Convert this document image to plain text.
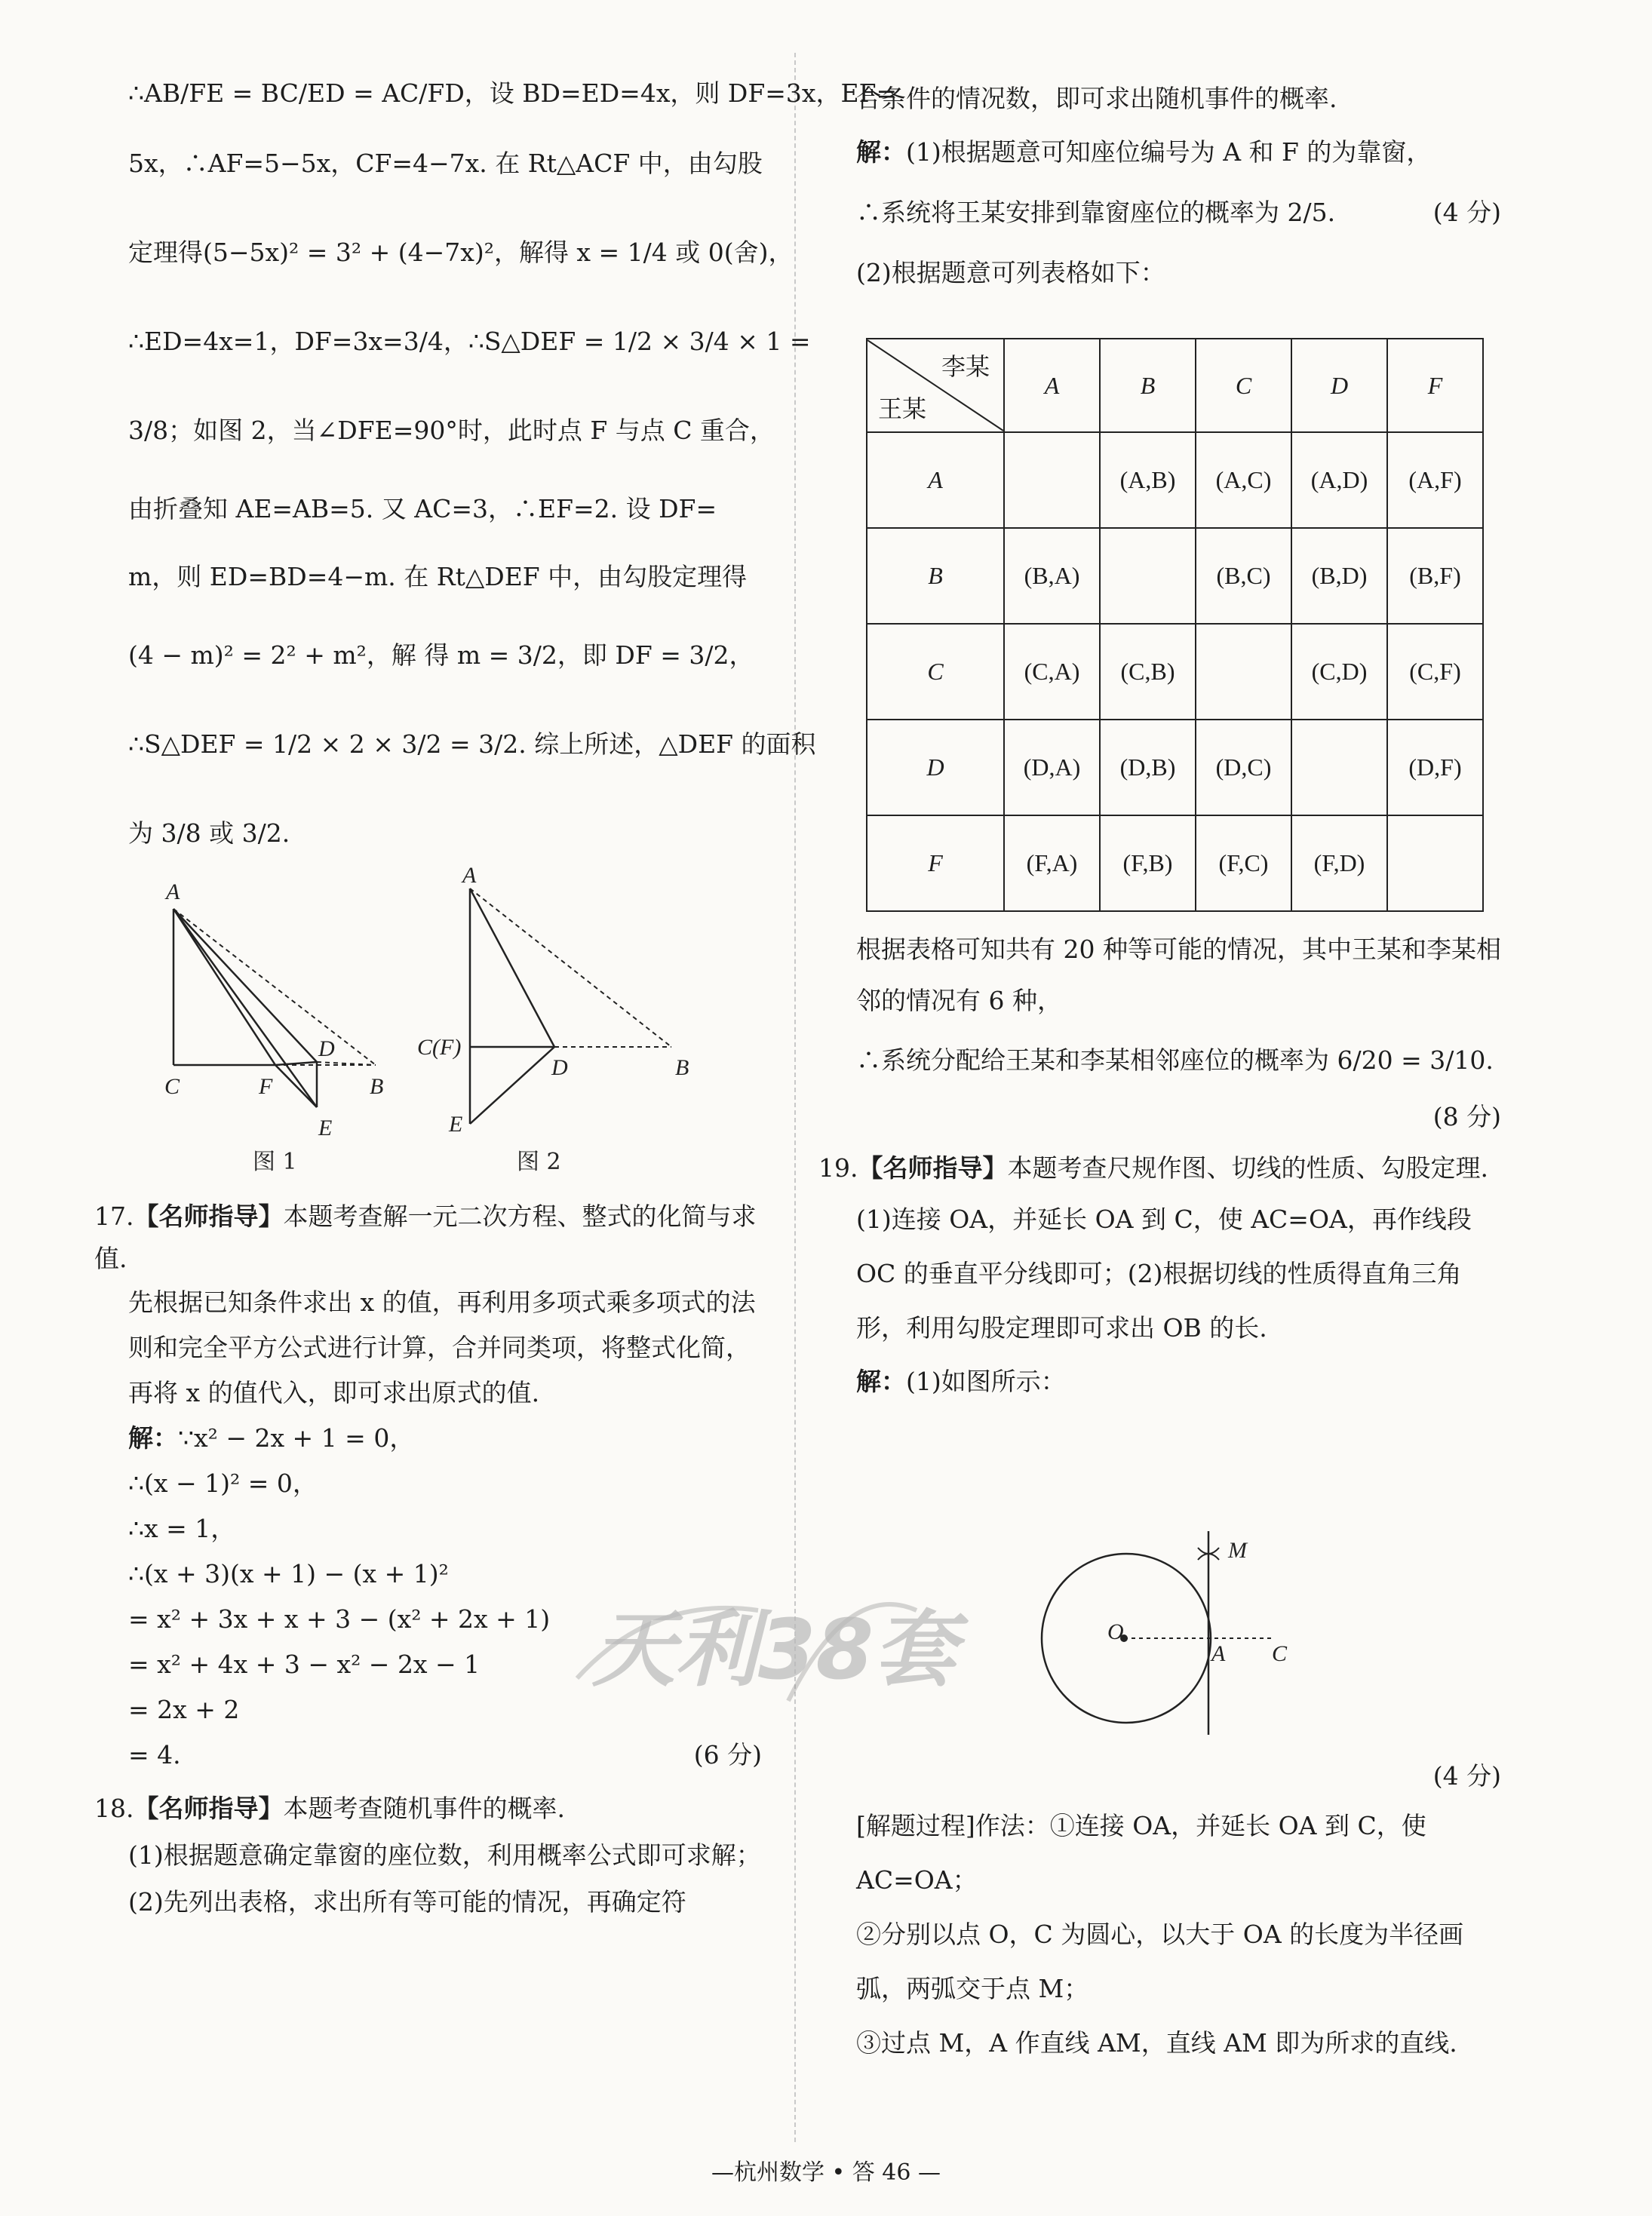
∴AB/FE = BC/ED = AC/FD，设 BD=ED=4x，则 DF=3x，EF=
5x，∴AF=5−5x，CF=4−7x. 在 Rt△ACF 中，由勾股
定理得(5−5x)² = 3² + (4−7x)²，解得 x = 1/4 或 0(舍)，
∴ED=4x=1，DF=3x=3/4，∴S△DEF = 1/2 × 3/4 × 1 =
3/8；如图 2，当∠DFE=90°时，此时点 F 与点 C 重合，
由折叠知 AE=AB=5. 又 AC=3，∴EF=2. 设 DF=
m，则 ED=BD=4−m. 在 Rt△DEF 中，由勾股定理得
(4 − m)² = 2² + m²，解 得 m = 3/2，即 DF = 3/2，
∴S△DEF = 1/2 × 2 × 3/2 = 3/2. 综上所述，△DEF 的面积
为 3/8 或 3/2.
A
C	F
D
B
E
图 1
A
C(F)
D	B
E
图 2

17.【名师指导】本题考查解一元二次方程、整式的化简与求值.

先根据已知条件求出 x 的值，再利用多项式乘多项式的法则和完全平方公式进行计算，合并同类项，将整式化简，再将 x 的值代入，即可求出原式的值.

解：∵x² − 2x + 1 = 0，

∴(x − 1)² = 0，
∴x = 1，
∴(x + 3)(x + 1) − (x + 1)²
= x² + 3x + x + 3 − (x² + 2x + 1)
= x² + 4x + 3 − x² − 2x − 1
= 2x + 2
= 4.	(6 分)

18.【名师指导】本题考查随机事件的概率.

(1)根据题意确定靠窗的座位数，利用概率公式即可求解；(2)先列出表格，求出所有等可能的情况，再确定符

合条件的情况数，即可求出随机事件的概率.

解：(1)根据题意可知座位编号为 A 和 F 的为靠窗，

∴系统将王某安排到靠窗座位的概率为 2/5.	(4 分)

(2)根据题意可列表格如下：

李某
王某	A	B	C	D	F
A		(A,B)	(A,C)	(A,D)	(A,F)
B	(B,A)		(B,C)	(B,D)	(B,F)
C	(C,A)	(C,B)		(C,D)	(C,F)
D	(D,A)	(D,B)	(D,C)		(D,F)
F	(F,A)	(F,B)	(F,C)	(F,D)	

根据表格可知共有 20 种等可能的情况，其中王某和李某相邻的情况有 6 种，

∴系统分配给王某和李某相邻座位的概率为 6/20 = 3/10.

(8 分)

19.【名师指导】本题考查尺规作图、切线的性质、勾股定理.

(1)连接 OA，并延长 OA 到 C，使 AC=OA，再作线段 OC 的垂直平分线即可；(2)根据切线的性质得直角三角形，利用勾股定理即可求出 OB 的长.

解：(1)如图所示：

M
O
A C

(4 分)

[解题过程]作法：①连接 OA，并延长 OA 到 C，使 AC=OA；

②分别以点 O，C 为圆心，以大于 OA 的长度为半径画弧，两弧交于点 M；

③过点 M，A 作直线 AM，直线 AM 即为所求的直线.

天利38套
—杭州数学 • 答 46 —
